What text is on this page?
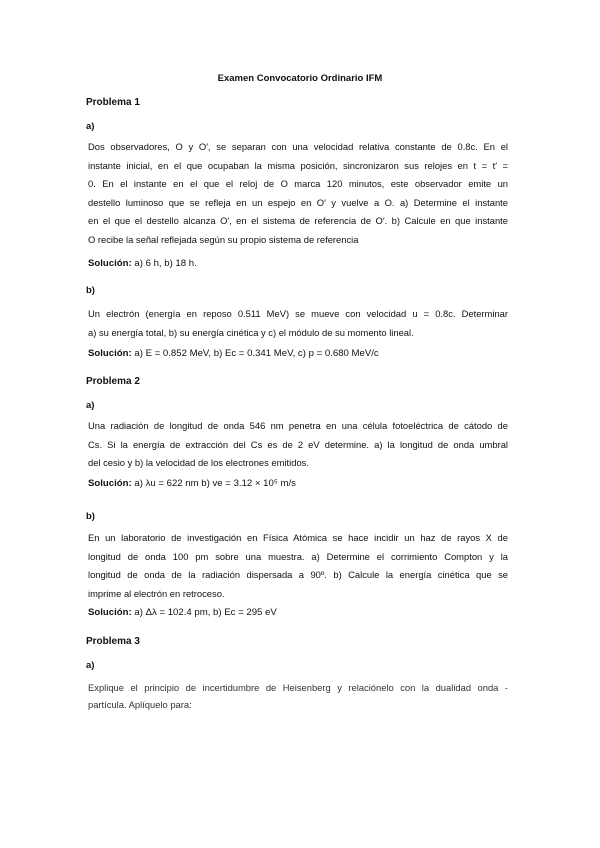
Examen Convocatorio Ordinario IFM
Problema 1
a)
Dos observadores, O y O′, se separan con una velocidad relativa constante de 0.8c. En el
instante inicial, en el que ocupaban la misma posición, sincronizaron sus relojes en t = t′ =
0. En el instante en el que el reloj de O marca 120 minutos, este observador emite un
destello luminoso que se refleja en un espejo en O′ y vuelve a O. a) Determine el instante
en el que el destello alcanza O′, en el sistema de referencia de O′. b) Calcule en que instante
O recibe la señal reflejada según su propio sistema de referencia
Solución: a) 6 h, b) 18 h.
b)
Un electrón (energía en reposo 0.511 MeV) se mueve con velocidad u = 0.8c. Determinar
a) su energía total, b) su energía cinética y c) el módulo de su momento lineal.
Solución: a) E = 0.852 MeV, b) Ec = 0.341 MeV, c) p = 0.680 MeV/c
Problema 2
a)
Una radiación de longitud de onda 546 nm penetra en una célula fotoeléctrica de cátodo de
Cs. Si la energía de extracción del Cs es de 2 eV determine. a) la longitud de onda umbral
del cesio y b) la velocidad de los electrones emitidos.
Solución: a) λu = 622 nm b) ve = 3.12 × 10⁵ m/s
b)
En un laboratorio de investigación en Física Atómica se hace incidir un haz de rayos X de
longitud de onda 100 pm sobre una muestra. a) Determine el corrimiento Compton y la
longitud de onda de la radiación dispersada a 90º. b) Calcule la energía cinética que se
imprime al electrón en retroceso.
Solución: a) Δλ = 102.4 pm, b) Ec = 295 eV
Problema 3
a)
Explique el principio de incertidumbre de Heisenberg y relaciónelo con la dualidad onda -
partícula. Aplíquelo para:
